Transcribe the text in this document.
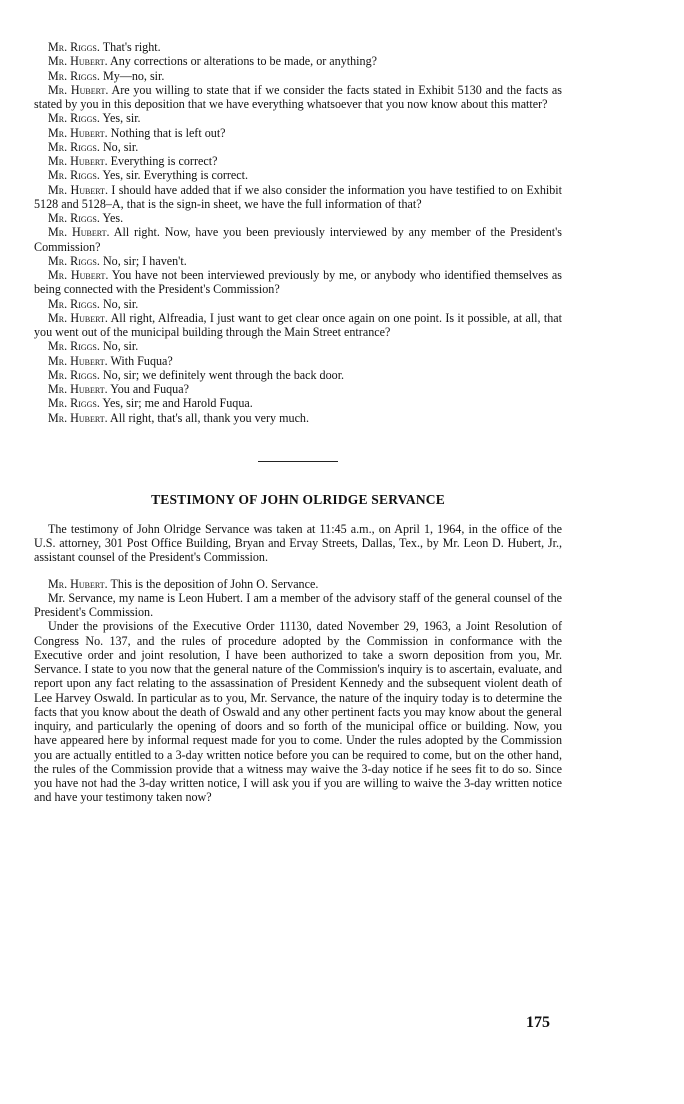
Mr. Riggs. That's right.

Mr. Hubert. Any corrections or alterations to be made, or anything?

Mr. Riggs. My—no, sir.

Mr. Hubert. Are you willing to state that if we consider the facts stated in Exhibit 5130 and the facts as stated by you in this deposition that we have everything whatsoever that you now know about this matter?

Mr. Riggs. Yes, sir.

Mr. Hubert. Nothing that is left out?

Mr. Riggs. No, sir.

Mr. Hubert. Everything is correct?

Mr. Riggs. Yes, sir. Everything is correct.

Mr. Hubert. I should have added that if we also consider the information you have testified to on Exhibit 5128 and 5128–A, that is the sign-in sheet, we have the full information of that?

Mr. Riggs. Yes.

Mr. Hubert. All right. Now, have you been previously interviewed by any member of the President's Commission?

Mr. Riggs. No, sir; I haven't.

Mr. Hubert. You have not been interviewed previously by me, or anybody who identified themselves as being connected with the President's Commission?

Mr. Riggs. No, sir.

Mr. Hubert. All right, Alfreadia, I just want to get clear once again on one point. Is it possible, at all, that you went out of the municipal building through the Main Street entrance?

Mr. Riggs. No, sir.

Mr. Hubert. With Fuqua?

Mr. Riggs. No, sir; we definitely went through the back door.

Mr. Hubert. You and Fuqua?

Mr. Riggs. Yes, sir; me and Harold Fuqua.

Mr. Hubert. All right, that's all, thank you very much.

TESTIMONY OF JOHN OLRIDGE SERVANCE

The testimony of John Olridge Servance was taken at 11:45 a.m., on April 1, 1964, in the office of the U.S. attorney, 301 Post Office Building, Bryan and Ervay Streets, Dallas, Tex., by Mr. Leon D. Hubert, Jr., assistant counsel of the President's Commission.

Mr. Hubert. This is the deposition of John O. Servance.

Mr. Servance, my name is Leon Hubert. I am a member of the advisory staff of the general counsel of the President's Commission.

Under the provisions of the Executive Order 11130, dated November 29, 1963, a Joint Resolution of Congress No. 137, and the rules of procedure adopted by the Commission in conformance with the Executive order and joint resolution, I have been authorized to take a sworn deposition from you, Mr. Servance. I state to you now that the general nature of the Commission's inquiry is to ascertain, evaluate, and report upon any fact relating to the assassination of President Kennedy and the subsequent violent death of Lee Harvey Oswald. In particular as to you, Mr. Servance, the nature of the inquiry today is to determine the facts that you know about the death of Oswald and any other pertinent facts you may know about the general inquiry, and particularly the opening of doors and so forth of the municipal office or building. Now, you have appeared here by informal request made for you to come. Under the rules adopted by the Commission you are actually entitled to a 3-day written notice before you can be required to come, but on the other hand, the rules of the Commission provide that a witness may waive the 3-day notice if he sees fit to do so. Since you have not had the 3-day written notice, I will ask you if you are willing to waive the 3-day written notice and have your testimony taken now?

175
